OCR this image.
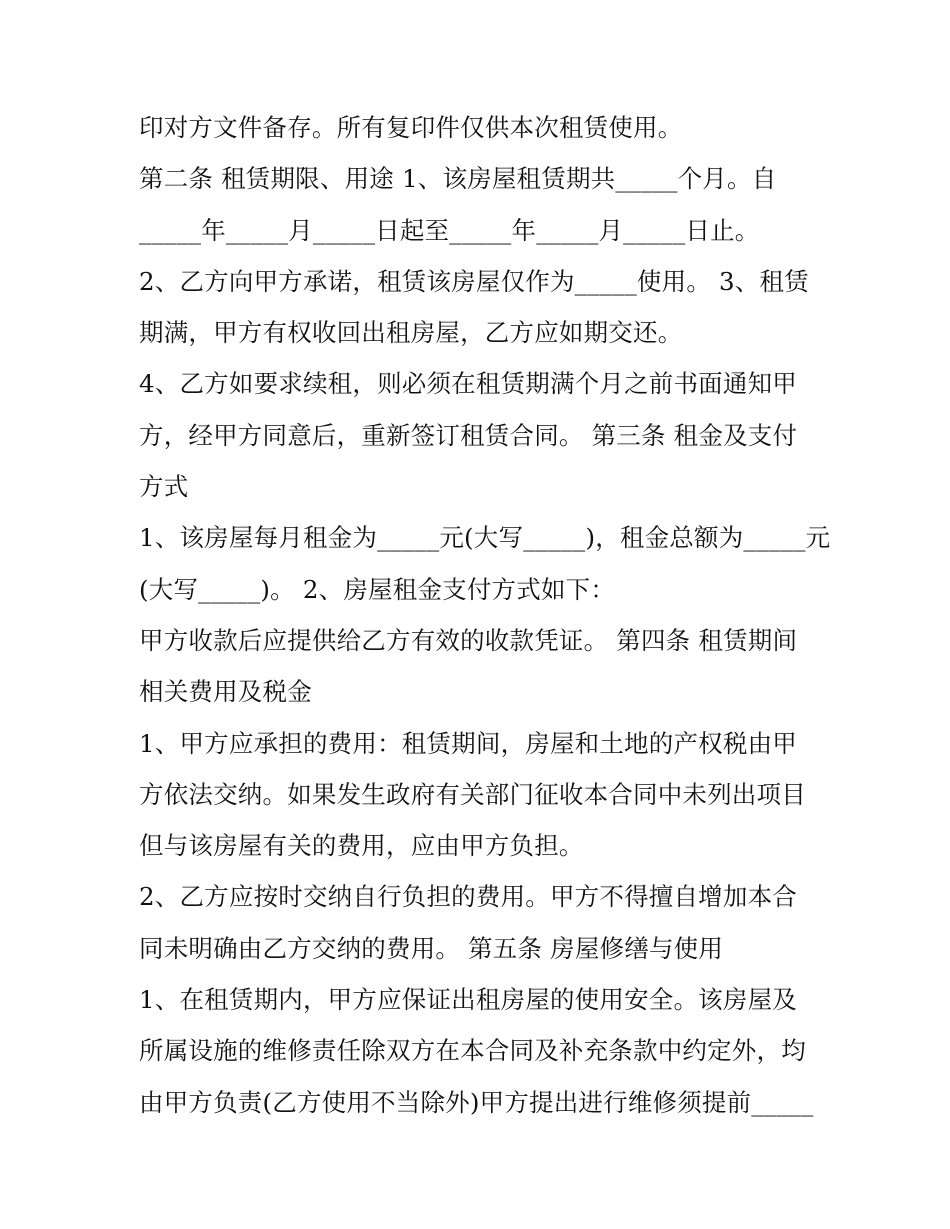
印对方文件备存。所有复印件仅供本次租赁使用。
第二条 租赁期限、用途 1、该房屋租赁期共_____个月。自
_____年_____月_____日起至_____年_____月_____日止。
2、乙方向甲方承诺，租赁该房屋仅作为_____使用。 3、租赁
期满，甲方有权收回出租房屋，乙方应如期交还。
4、乙方如要求续租，则必须在租赁期满个月之前书面通知甲
方，经甲方同意后，重新签订租赁合同。 第三条 租金及支付
方式
1、该房屋每月租金为_____元(大写_____)，租金总额为_____元
(大写_____)。 2、房屋租金支付方式如下：
甲方收款后应提供给乙方有效的收款凭证。 第四条 租赁期间
相关费用及税金
1、甲方应承担的费用：租赁期间，房屋和土地的产权税由甲
方依法交纳。如果发生政府有关部门征收本合同中未列出项目
但与该房屋有关的费用，应由甲方负担。
2、乙方应按时交纳自行负担的费用。甲方不得擅自增加本合
同未明确由乙方交纳的费用。 第五条 房屋修缮与使用
1、在租赁期内，甲方应保证出租房屋的使用安全。该房屋及
所属设施的维修责任除双方在本合同及补充条款中约定外，均
由甲方负责(乙方使用不当除外)甲方提出进行维修须提前_____
